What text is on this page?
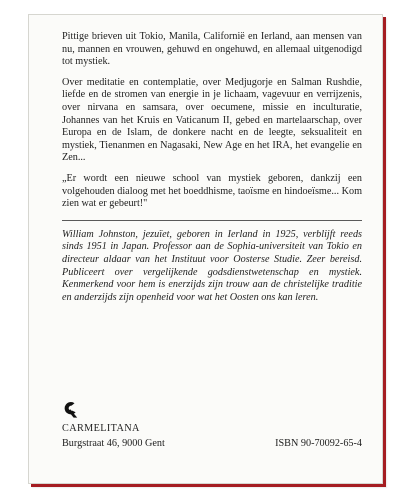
Pittige brieven uit Tokio, Manila, Californië en Ierland, aan mensen van nu, mannen en vrouwen, gehuwd en ongehuwd, en allemaal uitgenodigd tot mystiek.

Over meditatie en contemplatie, over Medjugorje en Salman Rushdie, liefde en de stromen van energie in je lichaam, vagevuur en verrijzenis, over nirvana en samsara, over oecumene, missie en inculturatie, Johannes van het Kruis en Vaticanum II, gebed en martelaarschap, over Europa en de Islam, de donkere nacht en de leegte, seksualiteit en mystiek, Tienanmen en Nagasaki, New Age en het IRA, het evangelie en Zen...

„Er wordt een nieuwe school van mystiek geboren, dankzij een volgehouden dialoog met het boeddhisme, taoïsme en hindoeïsme... Kom zien wat er gebeurt!"

William Johnston, jezuïet, geboren in Ierland in 1925, verblijft reeds sinds 1951 in Japan. Professor aan de Sophia-universiteit van Tokio en directeur aldaar van het Instituut voor Oosterse Studie. Zeer bereisd. Publiceert over vergelijkende godsdienstwetenschap en mystiek. Kenmerkend voor hem is enerzijds zijn trouw aan de christelijke traditie en anderzijds zijn openheid voor wat het Oosten ons kan leren.

CARMELITANA
Burgstraat 46, 9000 Gent	ISBN 90-70092-65-4
